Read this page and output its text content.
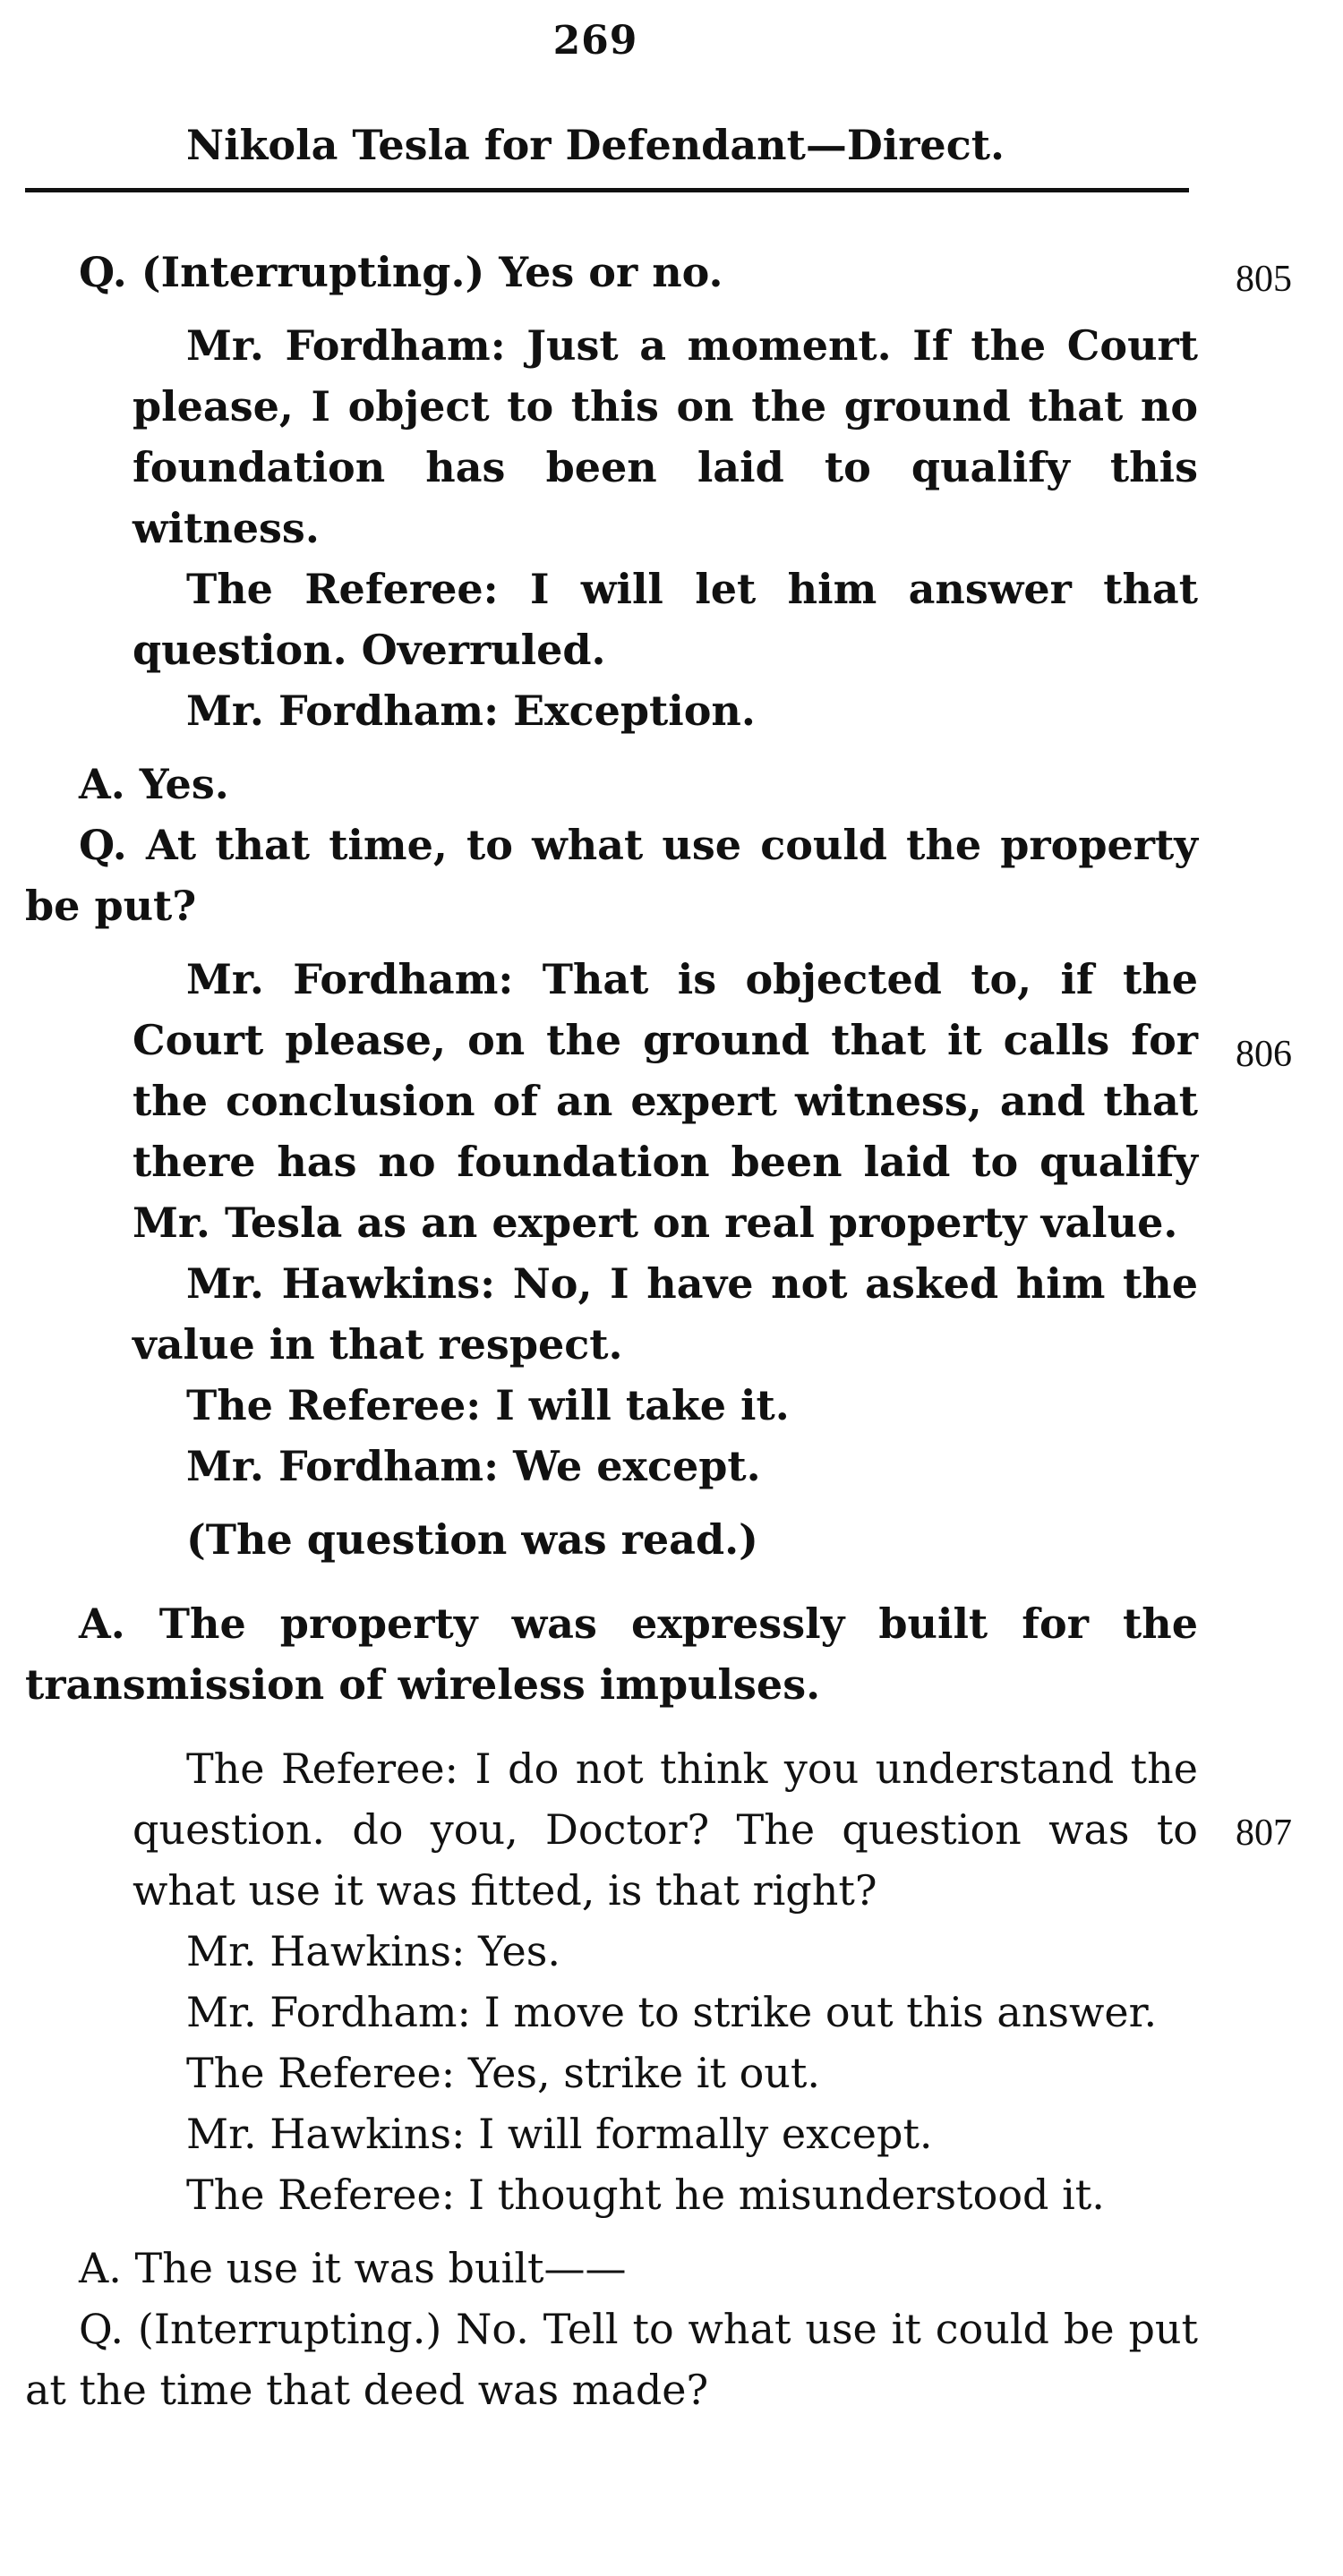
269
Nikola Tesla for Defendant—Direct.
805
806
807

Q. (Interrupting.) Yes or no.

Mr. Fordham: Just a moment. If the Court please, I object to this on the ground that no foundation has been laid to qualify this witness.

The Referee: I will let him answer that question. Overruled.

Mr. Fordham: Exception.

A. Yes.

Q. At that time, to what use could the property be put?

Mr. Fordham: That is objected to, if the Court please, on the ground that it calls for the conclusion of an expert witness, and that there has no foundation been laid to qualify Mr. Tesla as an expert on real property value.

Mr. Hawkins: No, I have not asked him the value in that respect.

The Referee: I will take it.

Mr. Fordham: We except.

(The question was read.)

A. The property was expressly built for the transmission of wireless impulses.

The Referee: I do not think you understand the question. do you, Doctor? The question was to what use it was fitted, is that right?

Mr. Hawkins: Yes.

Mr. Fordham: I move to strike out this answer.

The Referee: Yes, strike it out.

Mr. Hawkins: I will formally except.

The Referee: I thought he misunderstood it.

A. The use it was built——

Q. (Interrupting.) No. Tell to what use it could be put at the time that deed was made?
